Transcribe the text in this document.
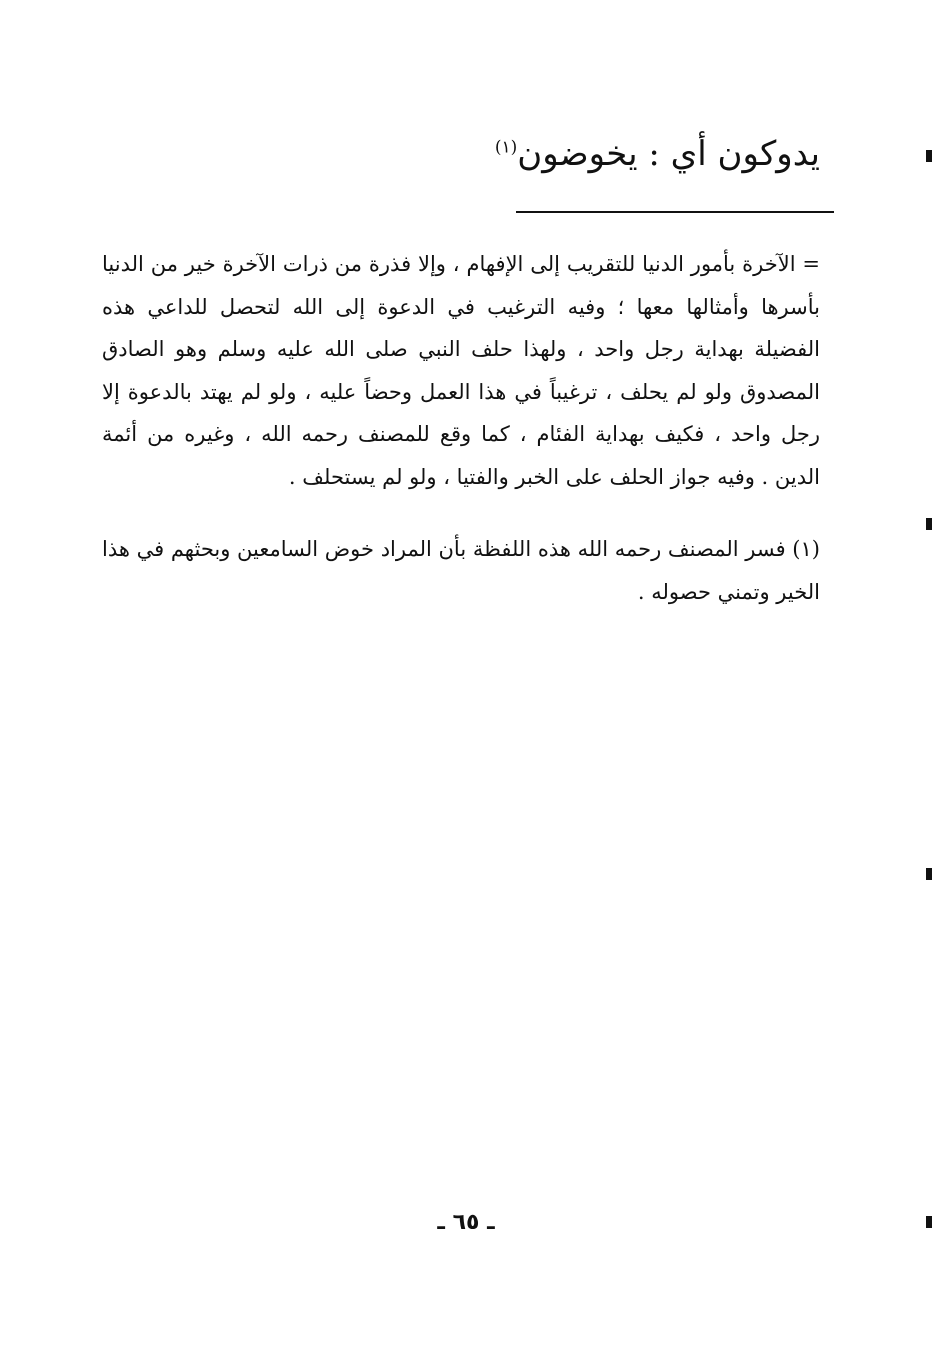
يدوكون أي : يخوضون$^{(١)}$

= الآخرة بأمور الدنيا للتقريب إلى الإفهام ، وإلا فذرة من ذرات الآخرة خير من الدنيا بأسرها وأمثالها معها ؛ وفيه الترغيب في الدعوة إلى الله لتحصل للداعي هذه الفضيلة بهداية رجل واحد ، ولهذا حلف النبي صلى الله عليه وسلم وهو الصادق المصدوق ولو لم يحلف ، ترغيباً في هذا العمل وحضاً عليه ، ولو لم يهتد بالدعوة إلا رجل واحد ، فكيف بهداية الفئام ، كما وقع للمصنف رحمه الله ، وغيره من أئمة الدين . وفيه جواز الحلف على الخبر والفتيا ، ولو لم يستحلف .

(١) فسر المصنف رحمه الله هذه اللفظة بأن المراد خوض السامعين وبحثهم في هذا الخير وتمني حصوله .

ـ ٦٥ ـ
